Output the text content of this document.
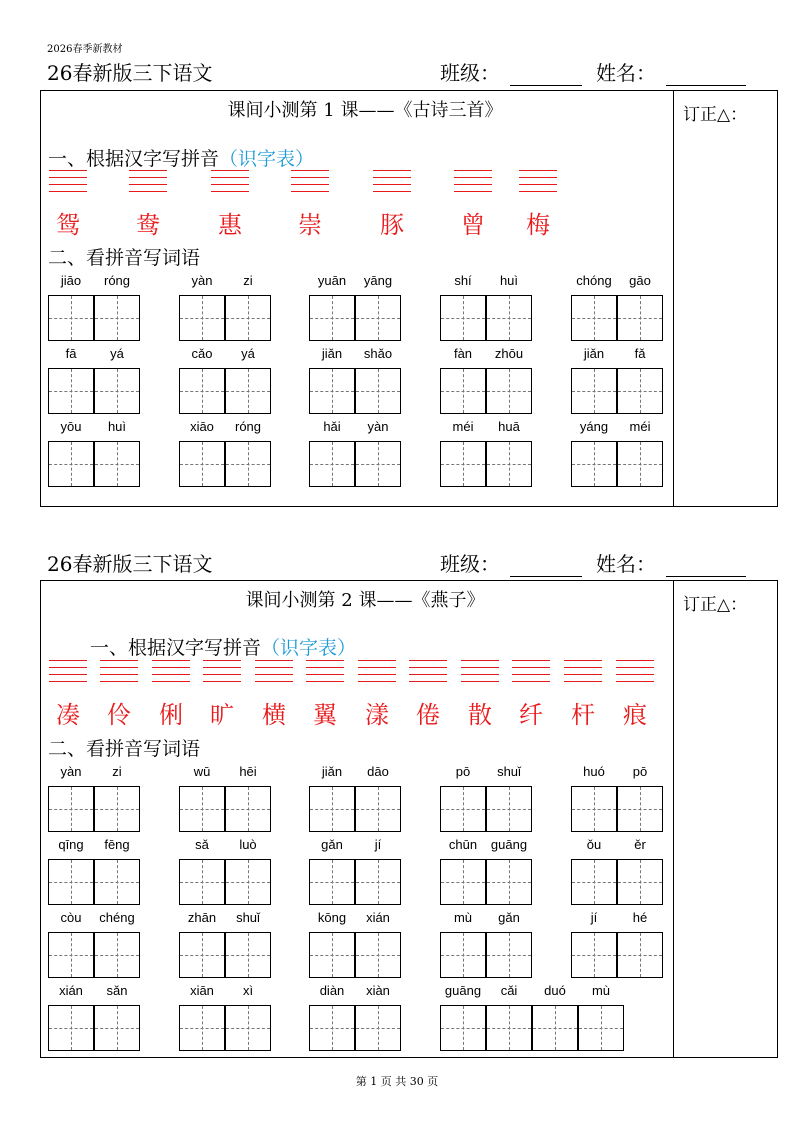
2026春季新教材
26春新版三下语文	班级：	姓名：
课间小测第 1 课——《古诗三首》	订正△：
一、根据汉字写拼音（识字表）
鸳	鸯	惠	崇	豚	曾	梅
二、看拼音写词语
jiāo	róng	yàn	zi	yuān	yāng	shí	huì	chóng	gāo
fā	yá	cǎo	yá	jiǎn	shǎo	fàn	zhōu	jiǎn	fǎ
yōu	huì	xiāo	róng	hǎi	yàn	méi	huā	yáng	méi
26春新版三下语文	班级：	姓名：
课间小测第 2 课——《燕子》	订正△：
一、根据汉字写拼音（识字表）
凑	伶	俐	旷	横	翼	漾	倦	散	纤	杆	痕
二、看拼音写词语
yàn	zi	wū	hēi	jiǎn	dāo	pō	shuǐ	huó	pō
qīng	fēng	sǎ	luò	gǎn	jí	chūn	guāng	ǒu	ěr
còu	chéng	zhān	shuǐ	kōng	xián	mù	gǎn	jí	hé
xián	sǎn	xiān	xì	diàn	xiàn	guāng	cǎi	duó	mù
第 1 页 共 30 页
